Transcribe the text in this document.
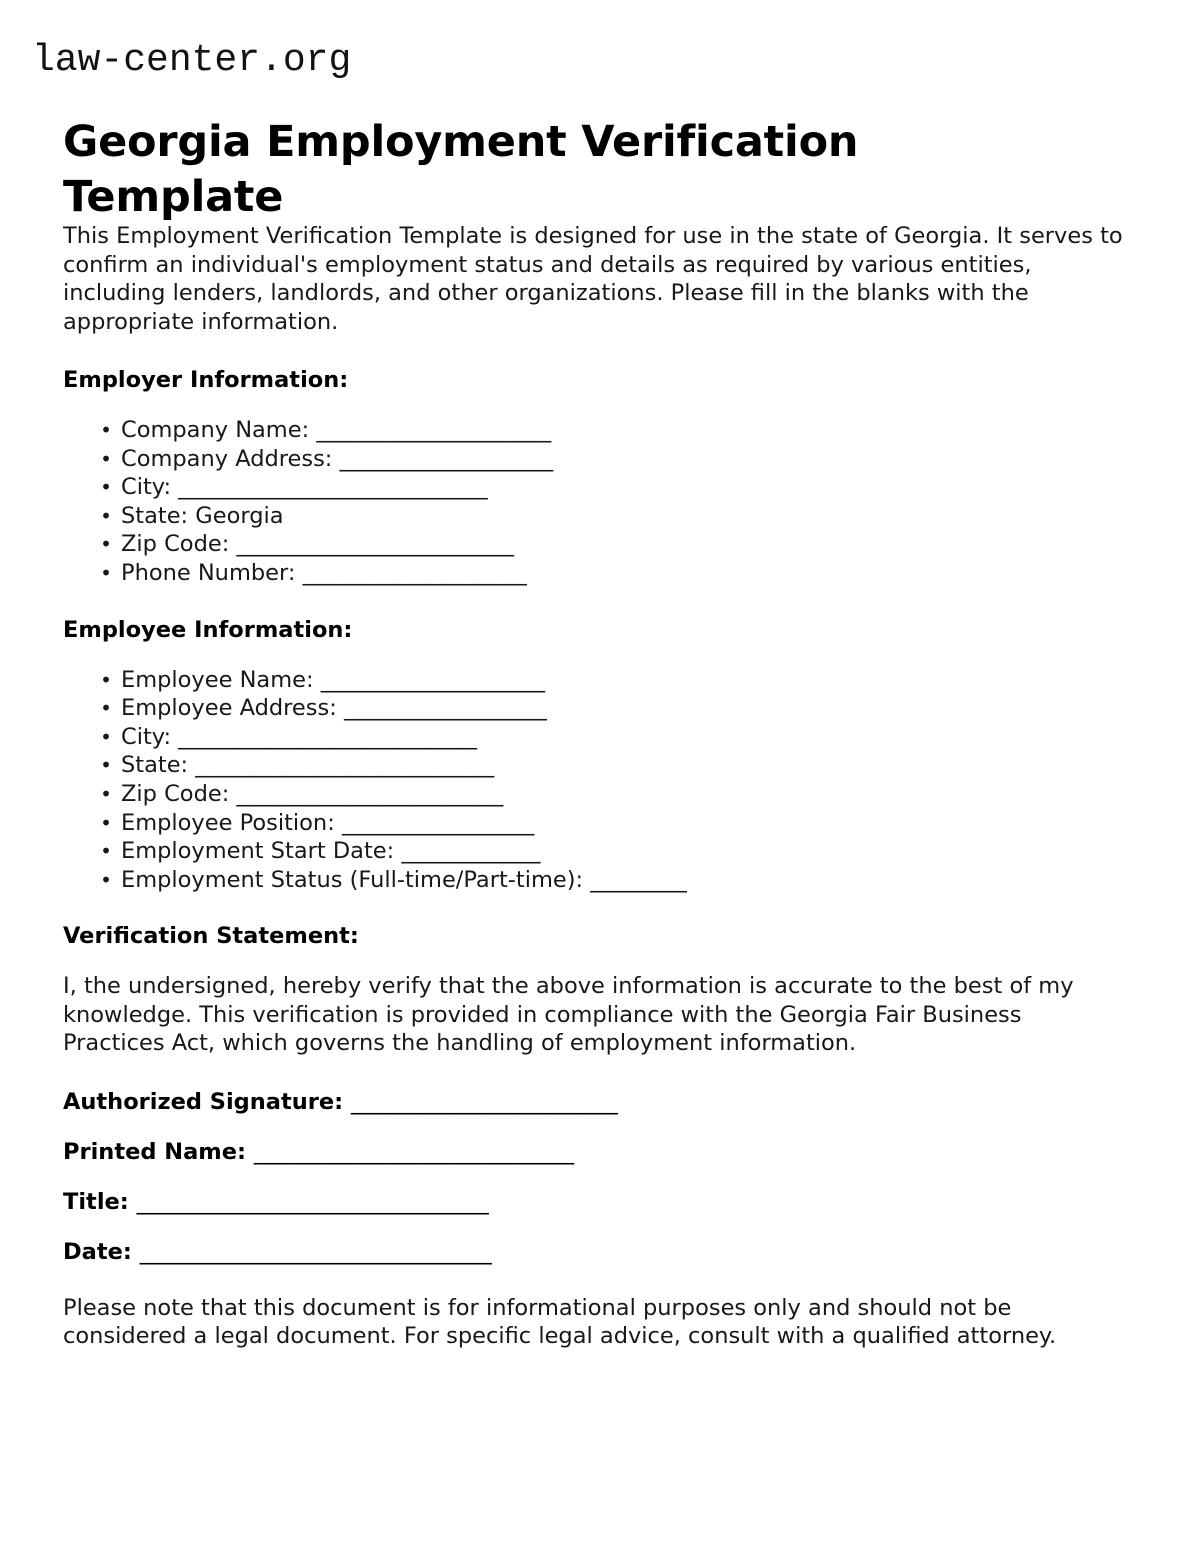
law-center.org
Georgia Employment Verification Template

This Employment Verification Template is designed for use in the state of Georgia. It serves to confirm an individual's employment status and details as required by various entities, including lenders, landlords, and other organizations. Please fill in the blanks with the appropriate information.

Employer Information:
• Company Name: ______________________
• Company Address: ____________________
• City: _____________________________
• State: Georgia
• Zip Code: __________________________
• Phone Number: _____________________
Employee Information:
• Employee Name: _____________________
• Employee Address: ___________________
• City: ____________________________
• State: ____________________________
• Zip Code: _________________________
• Employee Position: __________________
• Employment Start Date: _____________
• Employment Status (Full-time/Part-time): _________
Verification Statement:

I, the undersigned, hereby verify that the above information is accurate to the best of my knowledge. This verification is provided in compliance with the Georgia Fair Business Practices Act, which governs the handling of employment information.

Authorized Signature: _________________________

Printed Name: ______________________________

Title: _________________________________

Date: _________________________________

Please note that this document is for informational purposes only and should not be considered a legal document. For specific legal advice, consult with a qualified attorney.
